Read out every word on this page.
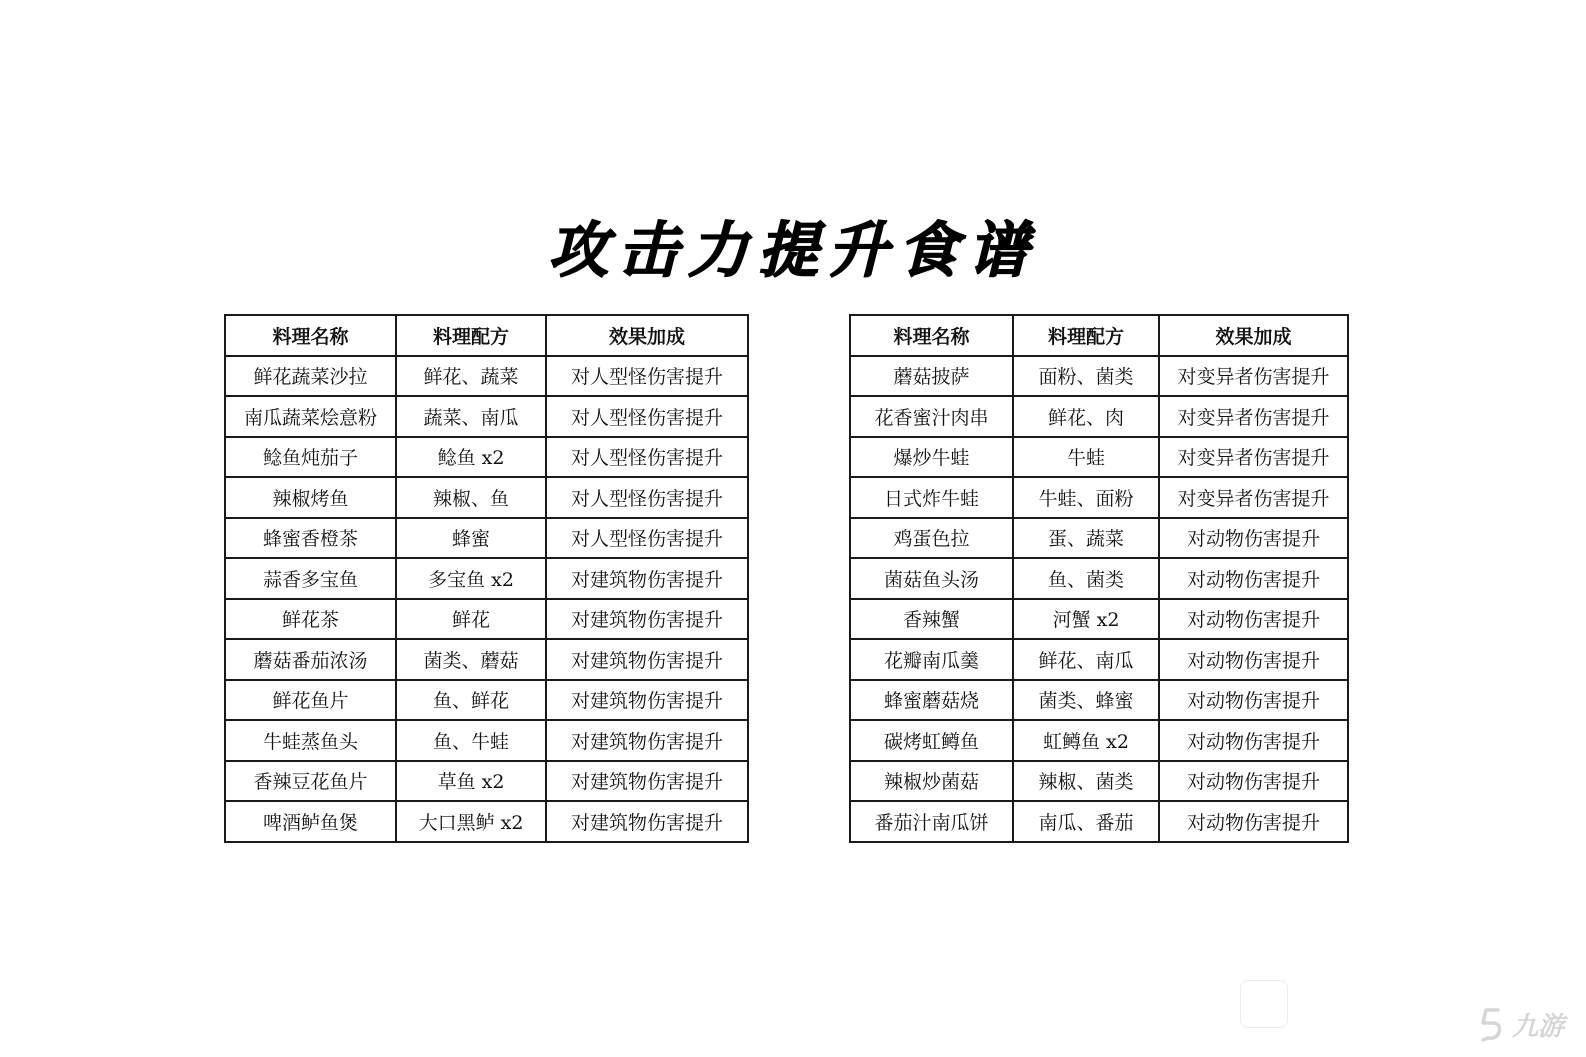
攻击力提升食谱
料理名称	料理配方	效果加成
鲜花蔬菜沙拉	鲜花、蔬菜	对人型怪伤害提升
南瓜蔬菜烩意粉	蔬菜、南瓜	对人型怪伤害提升
鲶鱼炖茄子	鲶鱼 x2	对人型怪伤害提升
辣椒烤鱼	辣椒、鱼	对人型怪伤害提升
蜂蜜香橙茶	蜂蜜	对人型怪伤害提升
蒜香多宝鱼	多宝鱼 x2	对建筑物伤害提升
鲜花茶	鲜花	对建筑物伤害提升
蘑菇番茄浓汤	菌类、蘑菇	对建筑物伤害提升
鲜花鱼片	鱼、鲜花	对建筑物伤害提升
牛蛙蒸鱼头	鱼、牛蛙	对建筑物伤害提升
香辣豆花鱼片	草鱼 x2	对建筑物伤害提升
啤酒鲈鱼煲	大口黑鲈 x2	对建筑物伤害提升
料理名称	料理配方	效果加成
蘑菇披萨	面粉、菌类	对变异者伤害提升
花香蜜汁肉串	鲜花、肉	对变异者伤害提升
爆炒牛蛙	牛蛙	对变异者伤害提升
日式炸牛蛙	牛蛙、面粉	对变异者伤害提升
鸡蛋色拉	蛋、蔬菜	对动物伤害提升
菌菇鱼头汤	鱼、菌类	对动物伤害提升
香辣蟹	河蟹 x2	对动物伤害提升
花瓣南瓜羹	鲜花、南瓜	对动物伤害提升
蜂蜜蘑菇烧	菌类、蜂蜜	对动物伤害提升
碳烤虹鳟鱼	虹鳟鱼 x2	对动物伤害提升
辣椒炒菌菇	辣椒、菌类	对动物伤害提升
番茄汁南瓜饼	南瓜、番茄	对动物伤害提升
九游
